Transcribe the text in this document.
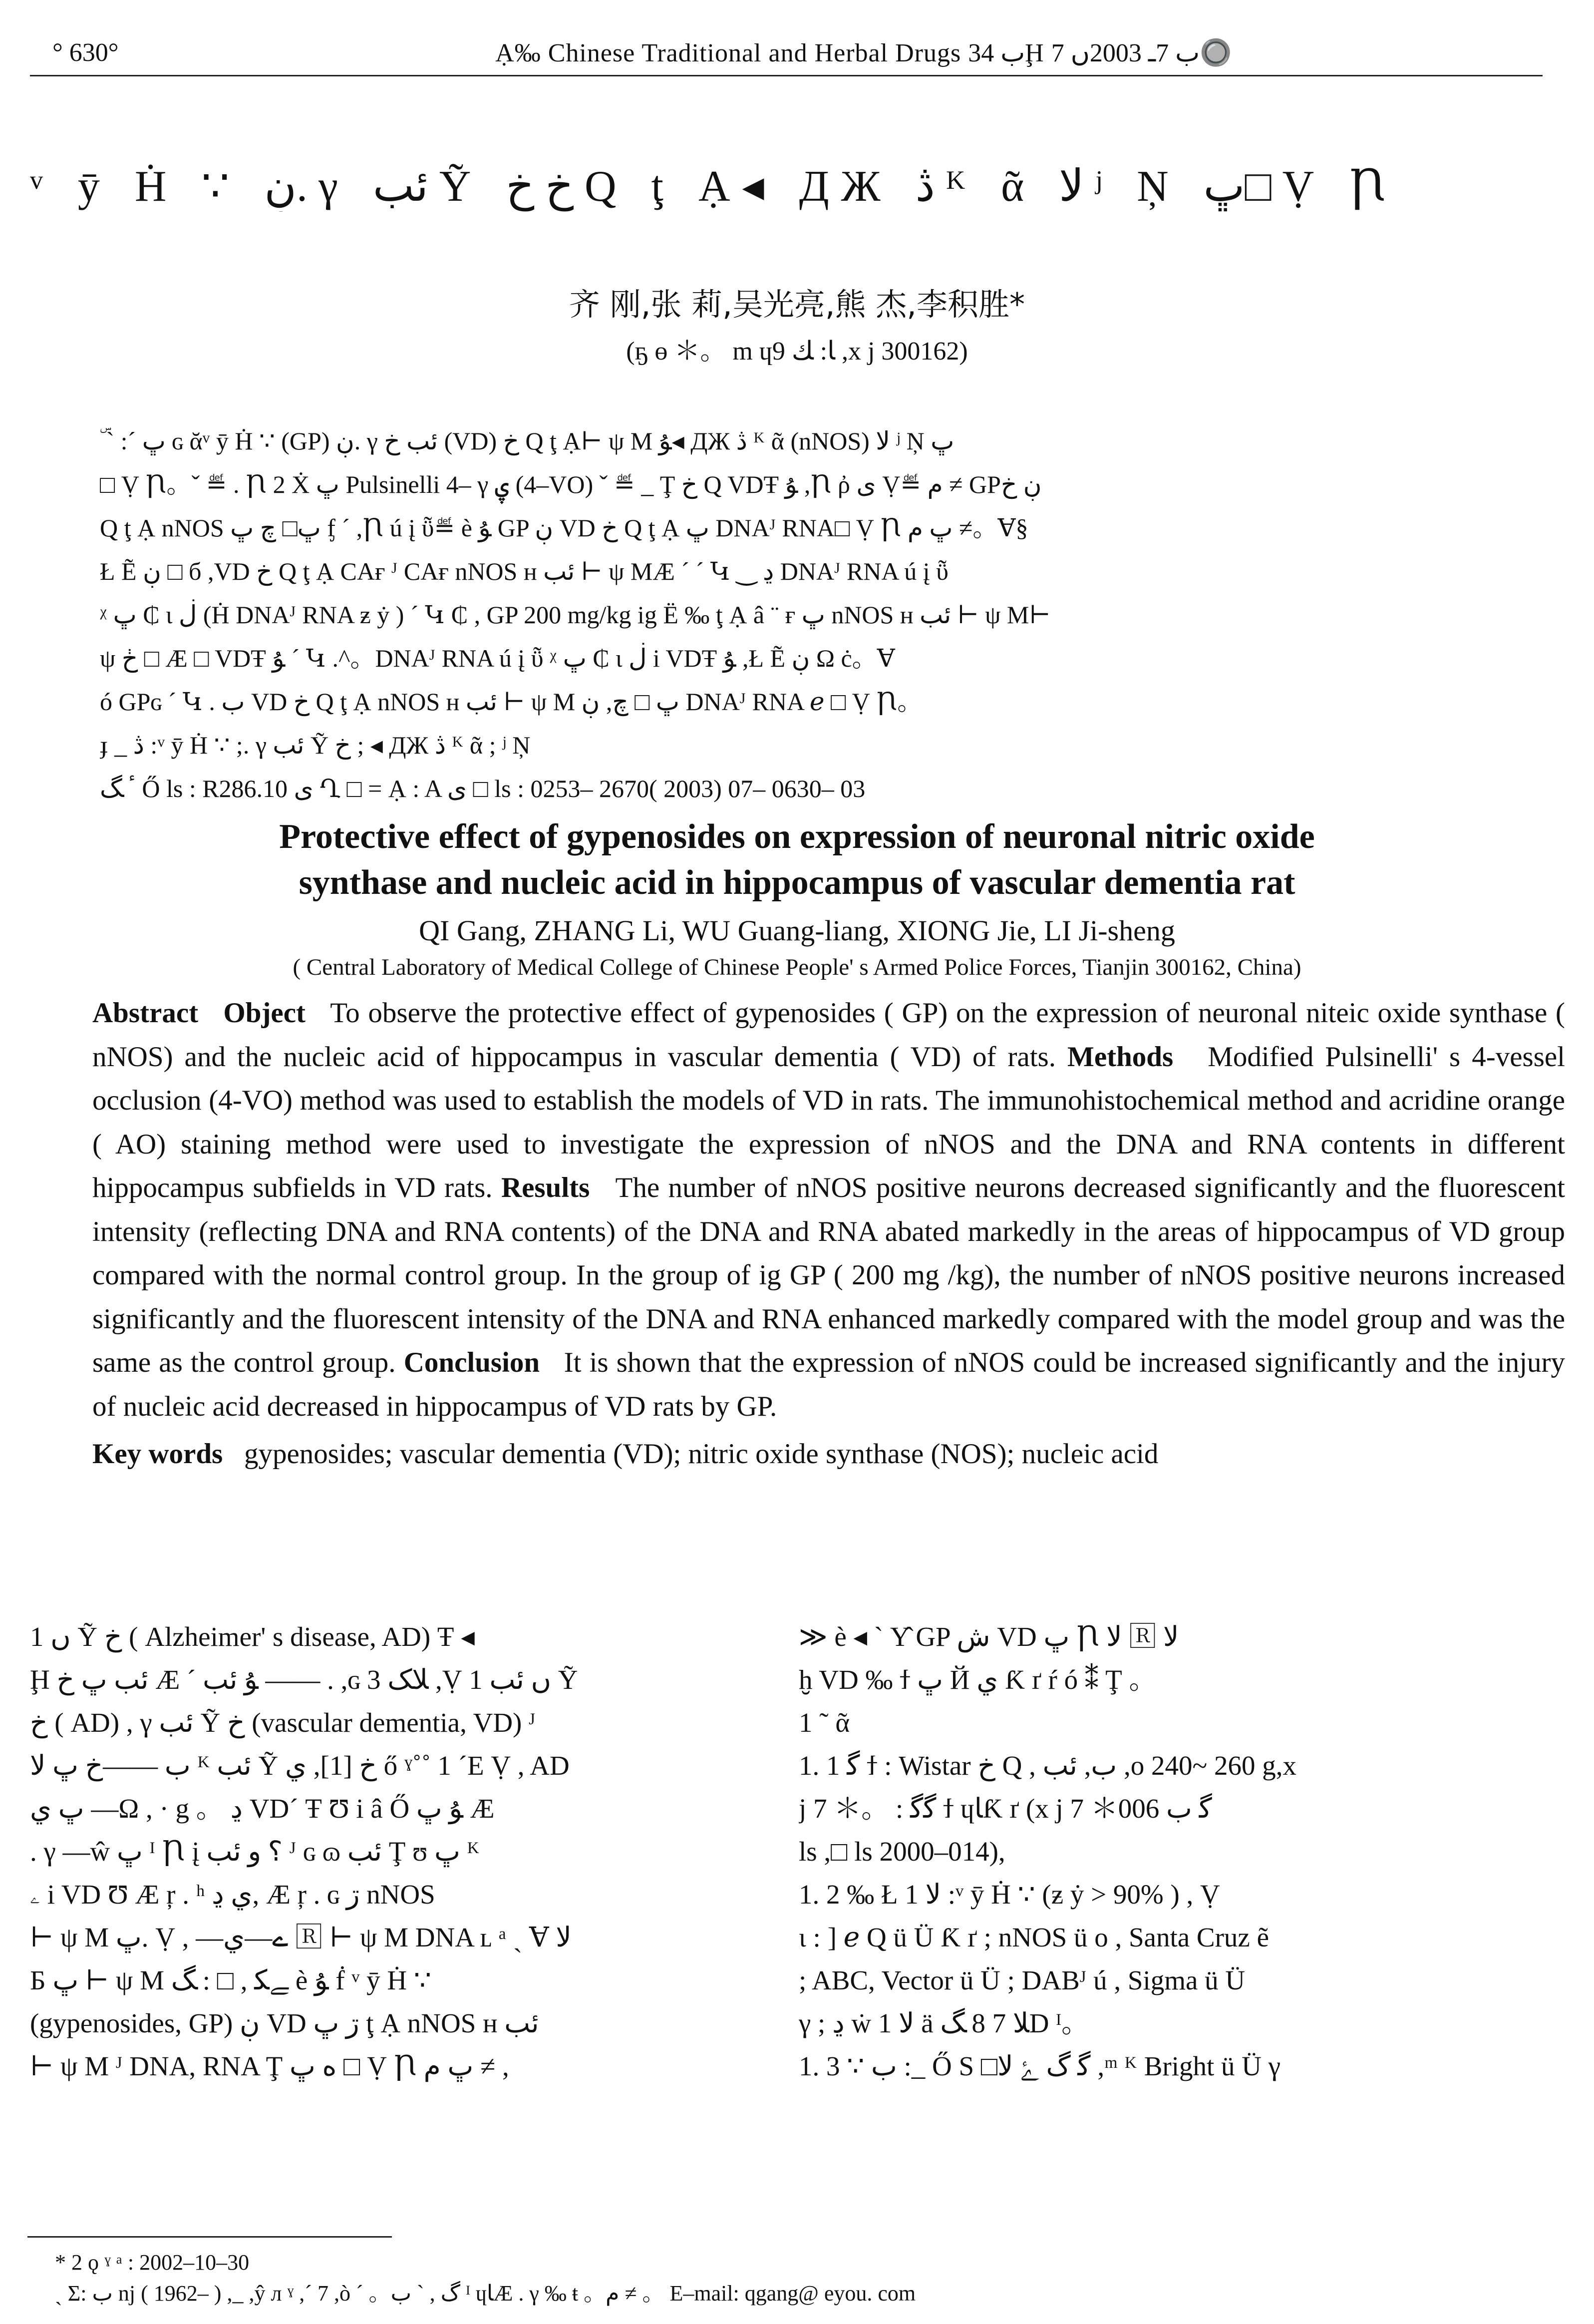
° 630°	Ạ‰ Chinese Traditional and Herbal Drugs ب 34Ḩ ب 7ـ 2003ں 7🔘
ᵛ ȳ Ḣ ∵ ڹ. γ ئب Ỹ خ خ Q ţ Ạ◂ ДЖ ڎ ᴷ ᾶ ﻻ ʲ Ņ ڀ□ Ṿ Ꞃ
齐 刚,张 莉,吴光亮,熊 杰,李积胜*
(ҕ ɵ ＊。 m ɥﺎ: ﻚ 9 ,x j 300162)
ۜ ` :ˊ ڀ ɢ ᾰᵛ ȳ Ḣ ∵ (GP) ڹ. γ ئب خ (VD) خ Q ţ Ạ⊢ ψ M ﯘ◂ ДЖ ڎ ᴷ ᾶ (nNOS) ﻻ ʲ Ņ ڀ
□ Ṿ Ꞃ。ˇ ≝ . Ꞃ 2 Ẋ ڀ Pulsinelli 4– γ ۑ (4–VO) ˇ ≝ _ Ţ خ Q VDŦ ﯘ ,Ꞃ ῤ ﻯ Ṿ≝ ﻡ ≠ GPڹ خ
Q ţ Ạ nNOS ڀ□ چ ڀ ᶂ ˊ ,Ꞃ ú į ῧ≝ è ﯘ GP ڹ VD خ Q ţ Ạ ڀ DNAᴶ RNA□ Ṿ Ꞃ ڀ ﻡ ≠。Ɐ§
Ł Ẽ ڹ □ б ,VD خ Q ţ Ạ CAғ ᴶ CAғ nNOS ʜ ئب ⊢ ψ MÆ ˊ ˊ Կ ‿ ڍ DNAᴶ RNA ú į ῧ
ᵡ ڀ ₵ ι ڶ (Ḣ DNAᴶ RNA ƶ ẏ ) ˊ Կ ₵ , GP 200 mg/kg ig Ё ‰ ţ Ạ â ¨ ғ ڀ nNOS ʜ ئب ⊢ ψ M⊢
ψ ڂ □ Æ □ VDŦ ﯘ ˊ Կ .^。DNAᴶ RNA ú į ῧ ᵡ ڀ ₵ ι ڶ i VDŦ ﯘ ,Ł Ẽ ڹ Ω ċ。Ɐ
ó GPɢ ˊ Կ . ب VD خ Q ţ Ạ nNOS ʜ ئب ⊢ ψ M ڀ □ چ, ڹ DNAᴶ RNA ℯ □ Ṿ Ꞃ。
ɟ _ ڎ :ᵛ ȳ Ḣ ∵ ;. γ ئب Ỹ خ ; ◂ ДЖ ڎ ᴷ ᾶ ; ʲ Ņ
ٴ ﮓ Ő ls : R286.10 ﻯ Ղ □ = Ạ : A ﻯ □ ls : 0253– 2670( 2003) 07– 0630– 03
Protective effect of gypenosides on expression of neuronal nitric oxide
synthase and nucleic acid in hippocampus of vascular dementia rat
QI Gang, ZHANG Li, WU Guang-liang, XIONG Jie, LI Ji-sheng
( Central Laboratory of Medical College of Chinese People' s Armed Police Forces, Tianjin 300162, China)

Abstract Object To observe the protective effect of gypenosides ( GP) on the expression of neuronal niteic oxide synthase ( nNOS) and the nucleic acid of hippocampus in vascular dementia ( VD) of rats. Methods Modified Pulsinelli' s 4-vessel occlusion (4-VO) method was used to establish the models of VD in rats. The immunohistochemical method and acridine orange ( AO) staining method were used to investigate the expression of nNOS and the DNA and RNA contents in different hippocampus subfields in VD rats. Results The number of nNOS positive neurons decreased significantly and the fluorescent intensity (reflecting DNA and RNA contents) of the DNA and RNA abated markedly in the areas of hippocampus of VD group compared with the normal control group. In the group of ig GP ( 200 mg /kg), the number of nNOS positive neurons increased significantly and the fluorescent intensity of the DNA and RNA enhanced markedly compared with the model group and was the same as the control group. Conclusion It is shown that the expression of nNOS could be increased significantly and the injury of nucleic acid decreased in hippocampus of VD rats by GP.

Key words gypenosides; vascular dementia (VD); nitric oxide synthase (NOS); nucleic acid

1 ں Ỹ خ ( Alzheimer' s disease, AD) Ŧ ◂
Ḩ ئب ڀ خ Æ ˊ ﯘ ئب —— . ,ɢ ﻼﮏ 3 ,Ṿ 1 ں ئب Ỹ
خ ( AD) , γ ئب Ỹ خ (vascular dementia, VD) ᴶ
ب ——خ ڀ ﻻ ᴷ ئب Ỹ خ [1], ي ő ˠ˚˚ 1 ˊE Ṿ , AD
ڀ ي —Ω , · g 。 ڍ VDˊ Ŧ Ʊ i â Ő ﯘ ڀ Æ
. γ —ŵ ڀ ᴵ Ꞃ į ؟ و ئب ᴶ ɢ ɷ ئب Ţ ʊ ڀ ᴷ
ۦ i VD Ʊ Æ ŗ . ʰ ي ڍ, Æ ŗ . ɢ ڗ nNOS
⊢ ψ M ڀ. Ṿ , —ے—ي 🅁 ⊢ ψ M DNA ʟ ᵃ ˎ Ɐ ﻻ
Ƃ ڀ ⊢ ψ M ﮯﮑ , □ : ﮓ è ﯘ ḟ ᵛ ȳ Ḣ ∵
(gypenosides, GP) ڹ VD ڗ ڀ ţ Ạ nNOS ʜ ئب
⊢ ψ M ᴶ DNA, RNA Ţ ﻩ ڀ □ Ṿ Ꞃ ڀ ﻡ ≠ ,
≫ è ◂ ` Υ̂ GP ﺵ VD ڀ Ꞃ ﻻ 🅁 ﻻ
ḫ VD ‰ ϯ ڀ Й ي Ƙ ґ ŕ ó ⁑ Ţ 。
1 ˜ ᾶ
1. 1 ﮔ ϯ : Wistar خ Q , ب, ئب ,o 240~ 260 g,x
j 7 ＊。 : ﮔﮔ ϯ ɥﺎƘ ґ (x j 7 ＊ﮔ ب 006
ls ,□ ls 2000–014),
1. 2 ‰ Ł 1 ﻻ :ᵛ ȳ Ḣ ∵ (ƶ ẏ > 90% ) , Ṿ
ι : ] ℯ Q ü Ü Ƙ ґ ; nNOS ü o , Santa Cruz ẽ
; ABC, Vector ü Ü ; DABᴶ ú , Sigma ü Ü
γ ; ڍ ẇ 1 ﻻ ä ﻼ 7 8 ﮓD ᴵ。
1. 3 ∵ ب :_ Ő S □ﮔ ﮒ ﮰ ﻻ ,ᵐ ᴷ Bright ü Ü γ
* 2 ǫ ˠ ᵃ : 2002–10–30
ˎ Ʃ: ب nj ( 1962– ) ,_ ,ŷ л ˠ ,ˊ 7 ,ò ˊ 。ﮒ , ˋ ب ᴵ ɥﺎÆ . γ ‰ ŧ 。ﻡ ≠ 。 E–mail: qgang@ eyou. com
